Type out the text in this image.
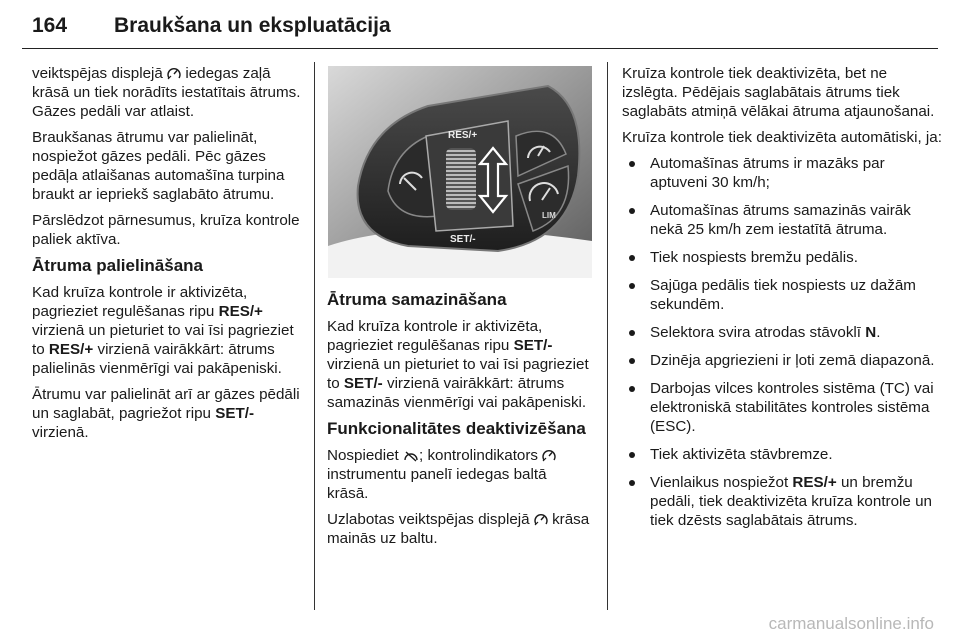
164 Braukšana un ekspluatācija

veiktspējas displejā iedegas zaļā krāsā un tiek norādīts iestatītais ātrums. Gāzes pedāli var atlaist.

Braukšanas ātrumu var palielināt, nospiežot gāzes pedāli. Pēc gāzes pedāļa atlaišanas automašīna turpina braukt ar iepriekš saglabāto ātrumu.

Pārslēdzot pārnesumus, kruīza kontrole paliek aktīva.

Ātruma palielināšana

Kad kruīza kontrole ir aktivizēta, pagrieziet regulēšanas ripu RES/+ virzienā un pieturiet to vai īsi pagrieziet to RES/+ virzienā vairākkārt: ātrums palielinās vienmērīgi vai pakāpeniski.

Ātrumu var palielināt arī ar gāzes pēdāli un saglabāt, pagriežot ripu SET/- virzienā.

RES/+
SET/-
LIM
Ātruma samazināšana

Kad kruīza kontrole ir aktivizēta, pagrieziet regulēšanas ripu SET/- virzienā un pieturiet to vai īsi pagrieziet to SET/- virzienā vairākkārt: ātrums samazinās vienmērīgi vai pakāpeniski.

Funkcionalitātes deaktivizēšana

Nospiediet ; kontrolindikators  instrumentu panelī iedegas baltā krāsā.

Uzlabotas veiktspējas displejā krāsa mainās uz baltu.

Kruīza kontrole tiek deaktivizēta, bet ne izslēgta. Pēdējais saglabātais ātrums tiek saglabāts atmiņā vēlākai ātruma atjaunošanai.

Kruīza kontrole tiek deaktivizēta automātiski, ja:

Automašīnas ātrums ir mazāks par aptuveni 30 km/h;
Automašīnas ātrums samazinās vairāk nekā 25 km/h zem iestatītā ātruma.
Tiek nospiests bremžu pedālis.
Sajūga pedālis tiek nospiests uz dažām sekundēm.
Selektora svira atrodas stāvoklī N.
Dzinēja apgriezieni ir ļoti zemā diapazonā.
Darbojas vilces kontroles sistēma (TC) vai elektroniskā stabilitātes kontroles sistēma (ESC).
Tiek aktivizēta stāvbremze.
Vienlaikus nospiežot RES/+ un bremžu pedāli, tiek deaktivizēta kruīza kontrole un tiek dzēsts saglabātais ātrums.
carmanualsonline.info
